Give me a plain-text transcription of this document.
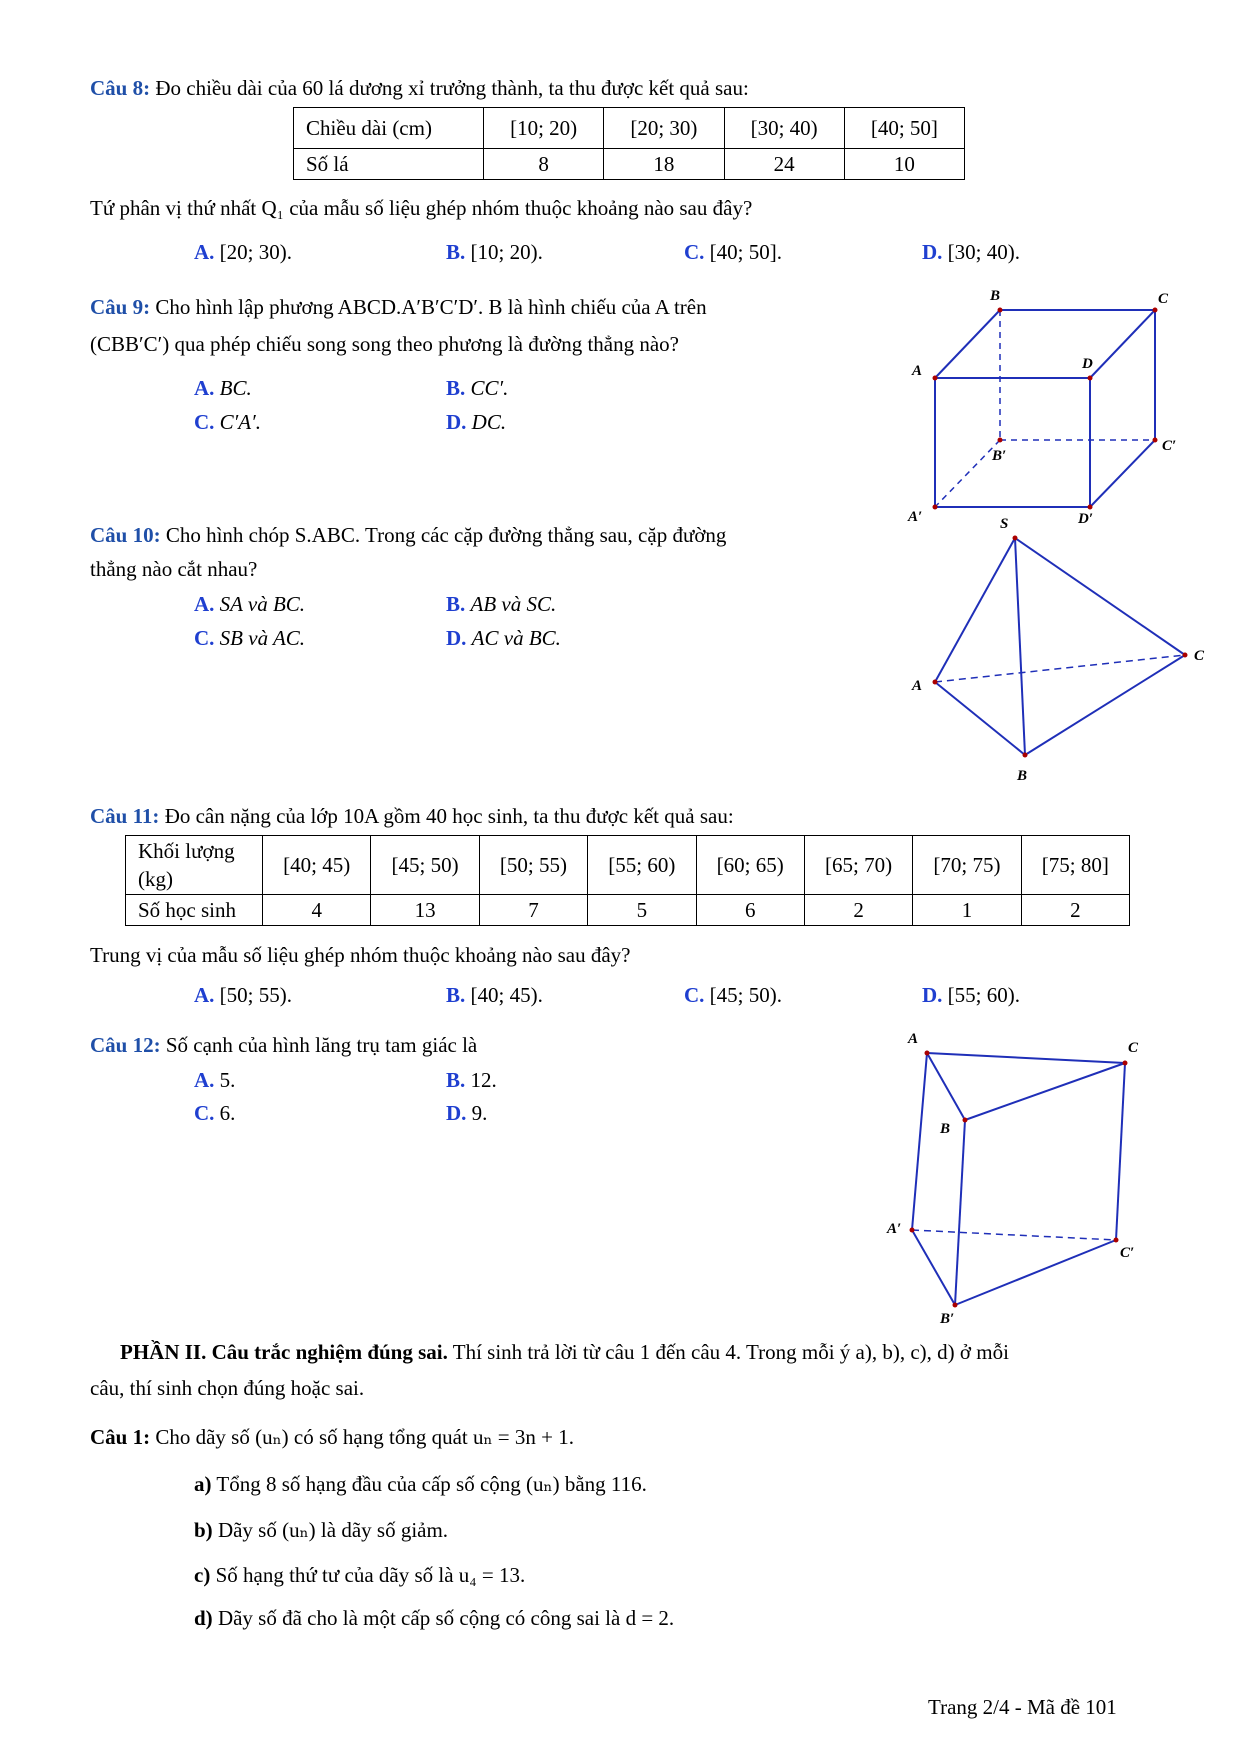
Câu 8: Đo chiều dài của 60 lá dương xỉ trưởng thành, ta thu được kết quả sau:
Chiều dài (cm)	[10; 20)	[20; 30)	[30; 40)	[40; 50]
Số lá	8	18	24	10
Tứ phân vị thứ nhất Q₁ của mẫu số liệu ghép nhóm thuộc khoảng nào sau đây?
A. [20; 30).	B. [10; 20).	C. [40; 50].	D. [30; 40).
Câu 9: Cho hình lập phương ABCD.A′B′C′D′. B là hình chiếu của A trên
(CBB′C′) qua phép chiếu song song theo phương là đường thẳng nào?
A. BC.	B. CC′.
C. C′A′.	D. DC.
B	C
A	D
B′
C′
A′	D′
Câu 10: Cho hình chóp S.ABC. Trong các cặp đường thẳng sau, cặp đường
thẳng nào cắt nhau?
A. SA và BC.	B. AB và SC.
C. SB và AC.	D. AC và BC.
S
A
C
B
Câu 11: Đo cân nặng của lớp 10A gồm 40 học sinh, ta thu được kết quả sau:
Khối lượng
(kg)	[40; 45)	[45; 50)	[50; 55)	[55; 60)	[60; 65)	[65; 70)	[70; 75)	[75; 80]
Số học sinh	4	13	7	5	6	2	1	2
Trung vị của mẫu số liệu ghép nhóm thuộc khoảng nào sau đây?
A. [50; 55).	B. [40; 45).	C. [45; 50).	D. [55; 60).
Câu 12: Số cạnh của hình lăng trụ tam giác là
A. 5.	B. 12.
C. 6.	D. 9.
A
C
B
A′
C′
B′
PHẦN II. Câu trắc nghiệm đúng sai. Thí sinh trả lời từ câu 1 đến câu 4. Trong mỗi ý a), b), c), d) ở mỗi
câu, thí sinh chọn đúng hoặc sai.
Câu 1: Cho dãy số (uₙ) có số hạng tổng quát uₙ = 3n + 1.
a) Tổng 8 số hạng đầu của cấp số cộng (uₙ) bằng 116.
b) Dãy số (uₙ) là dãy số giảm.
c) Số hạng thứ tư của dãy số là u₄ = 13.
d) Dãy số đã cho là một cấp số cộng có công sai là d = 2.
Trang 2/4 - Mã đề 101
